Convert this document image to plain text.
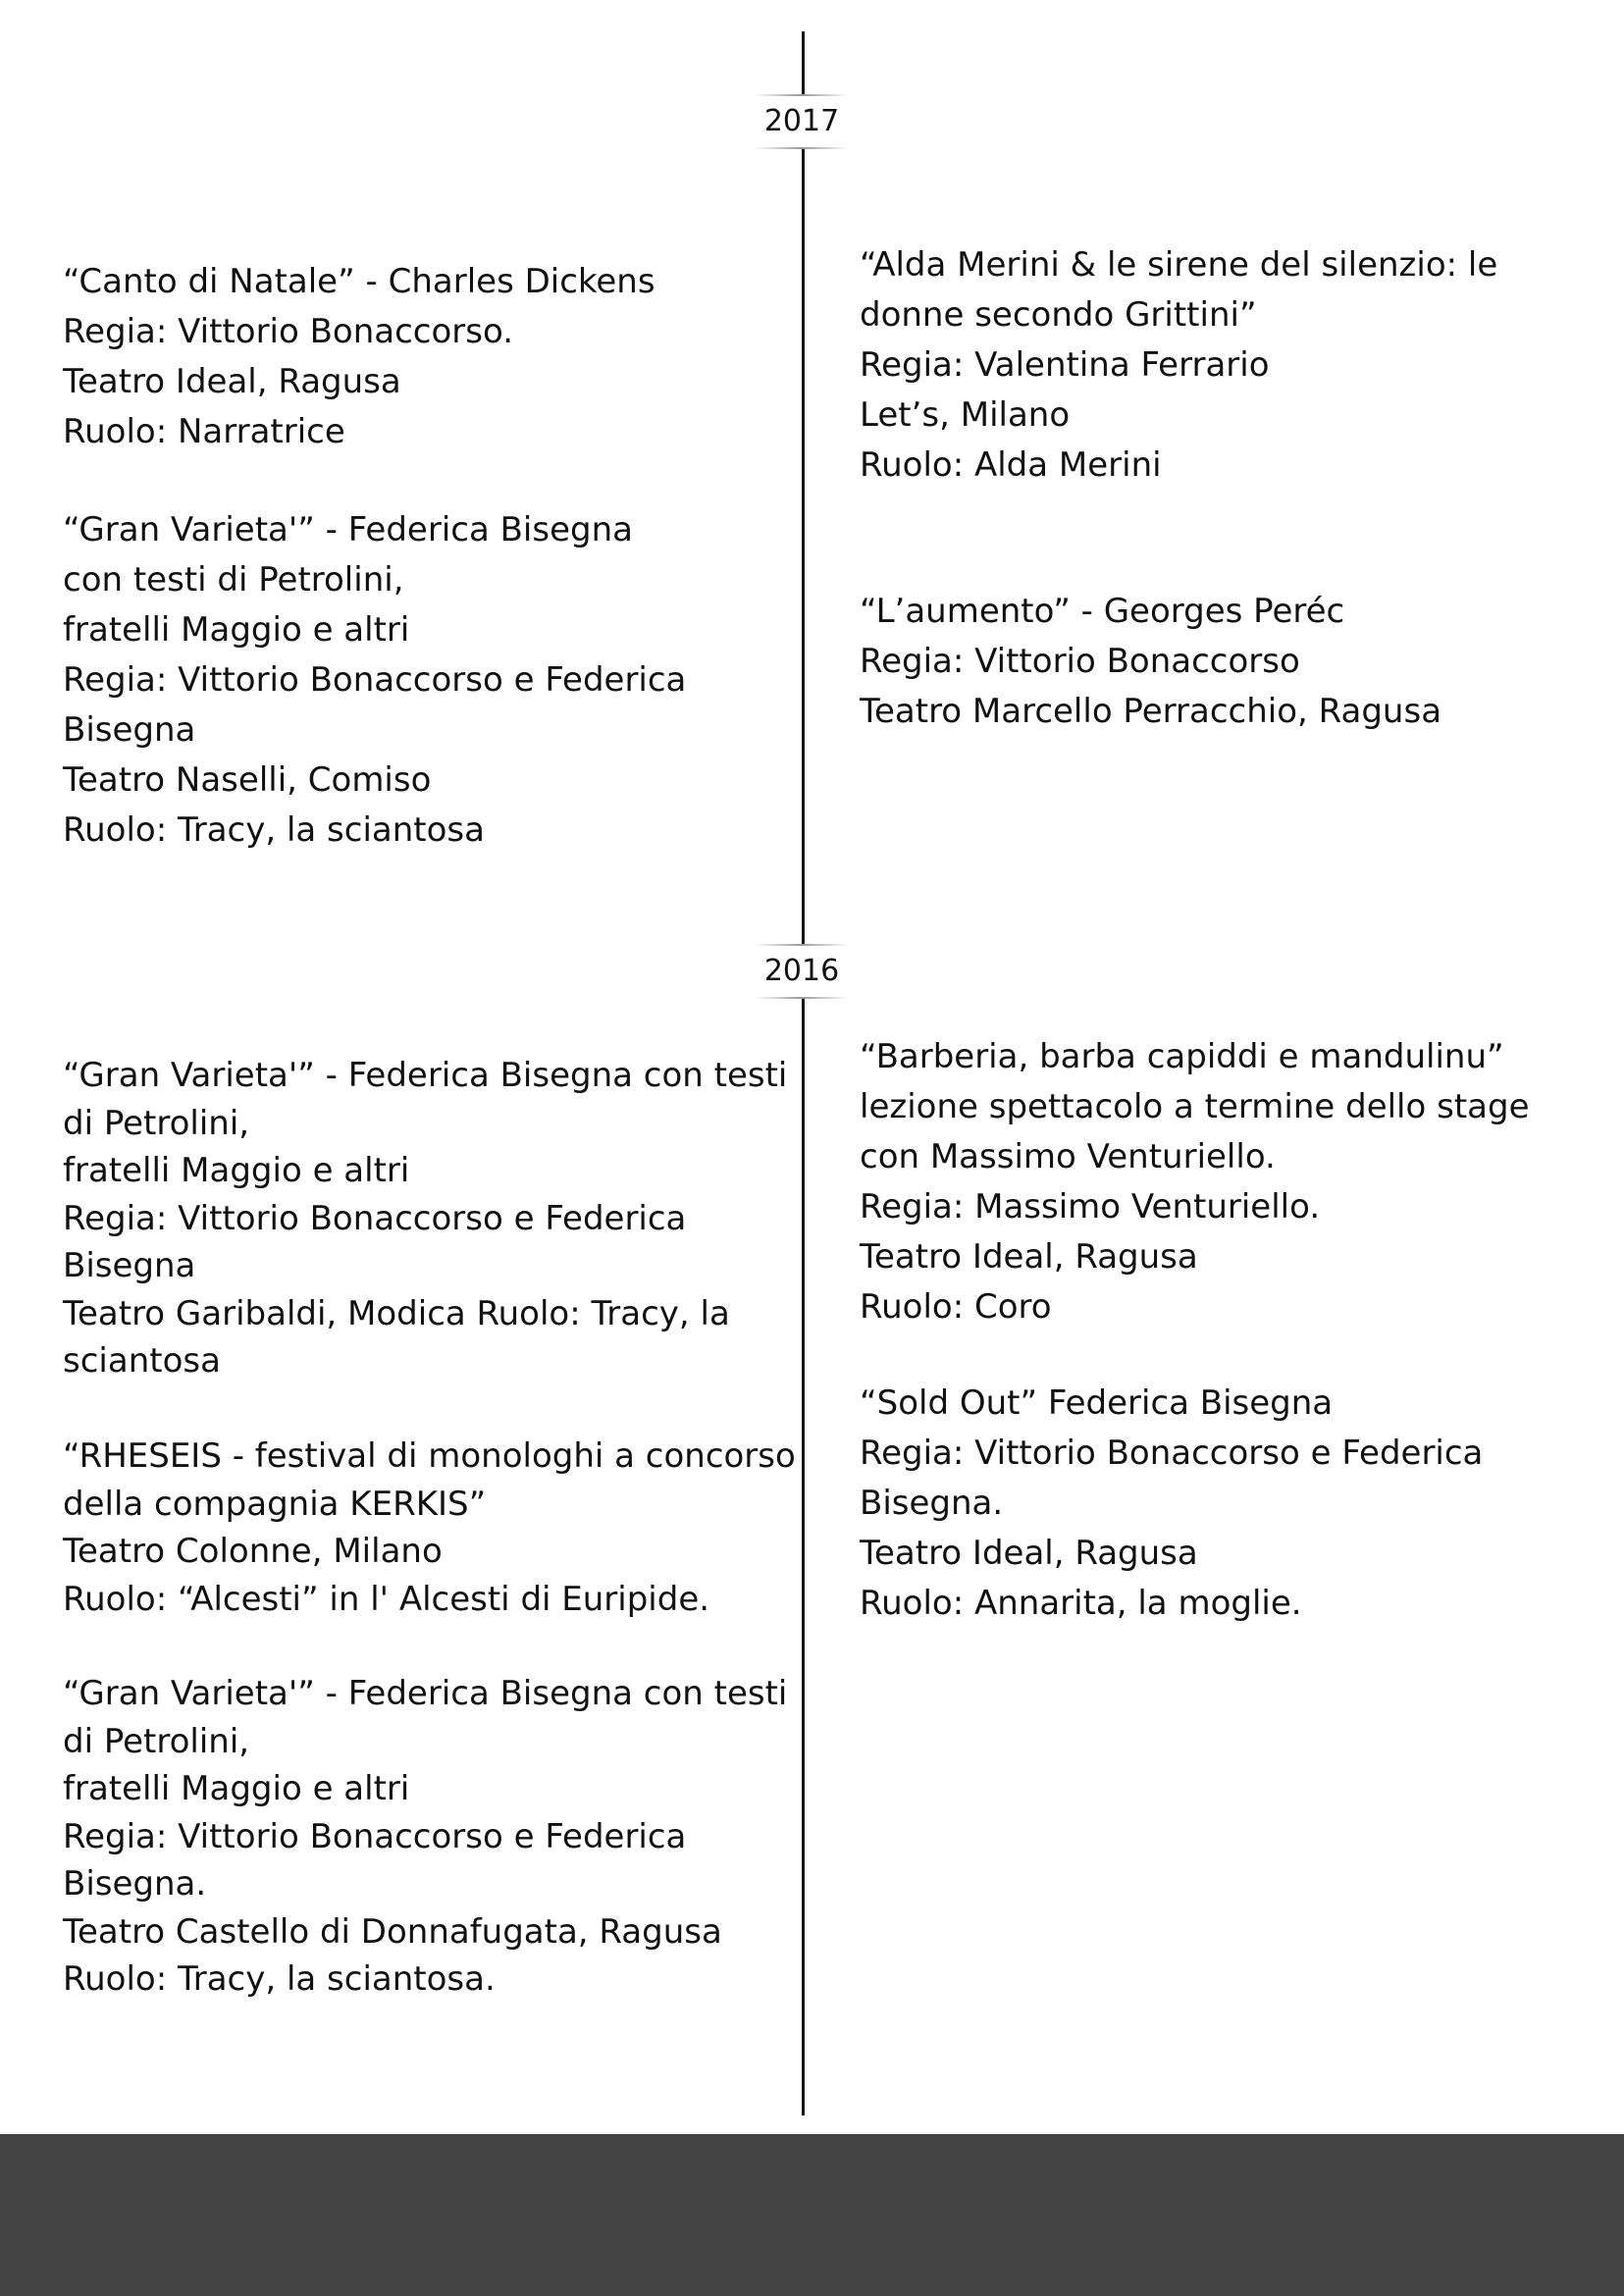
2017
2016

“Canto di Natale” - Charles Dickens

Regia: Vittorio Bonaccorso.

Teatro Ideal, Ragusa

Ruolo: Narratrice

“Gran Varieta'” - Federica Bisegna

con testi di Petrolini,

fratelli Maggio e altri

Regia: Vittorio Bonaccorso e Federica

Bisegna

Teatro Naselli, Comiso

Ruolo: Tracy, la sciantosa

“Alda Merini & le sirene del silenzio: le

donne secondo Grittini”

Regia: Valentina Ferrario

Let’s, Milano

Ruolo: Alda Merini

“L’aumento” - Georges Peréc

Regia: Vittorio Bonaccorso

Teatro Marcello Perracchio, Ragusa

“Gran Varieta'” - Federica Bisegna con testi

di Petrolini,

fratelli Maggio e altri

Regia: Vittorio Bonaccorso e Federica

Bisegna

Teatro Garibaldi, Modica Ruolo: Tracy, la

sciantosa

“RHESEIS - festival di monologhi a concorso

della compagnia KERKIS”

Teatro Colonne, Milano

Ruolo: “Alcesti” in l' Alcesti di Euripide.

“Gran Varieta'” - Federica Bisegna con testi

di Petrolini,

fratelli Maggio e altri

Regia: Vittorio Bonaccorso e Federica

Bisegna.

Teatro Castello di Donnafugata, Ragusa

Ruolo: Tracy, la sciantosa.

“Barberia, barba capiddi e mandulinu”

lezione spettacolo a termine dello stage

con Massimo Venturiello.

Regia: Massimo Venturiello.

Teatro Ideal, Ragusa

Ruolo: Coro

“Sold Out” Federica Bisegna

Regia: Vittorio Bonaccorso e Federica

Bisegna.

Teatro Ideal, Ragusa

Ruolo: Annarita, la moglie.
